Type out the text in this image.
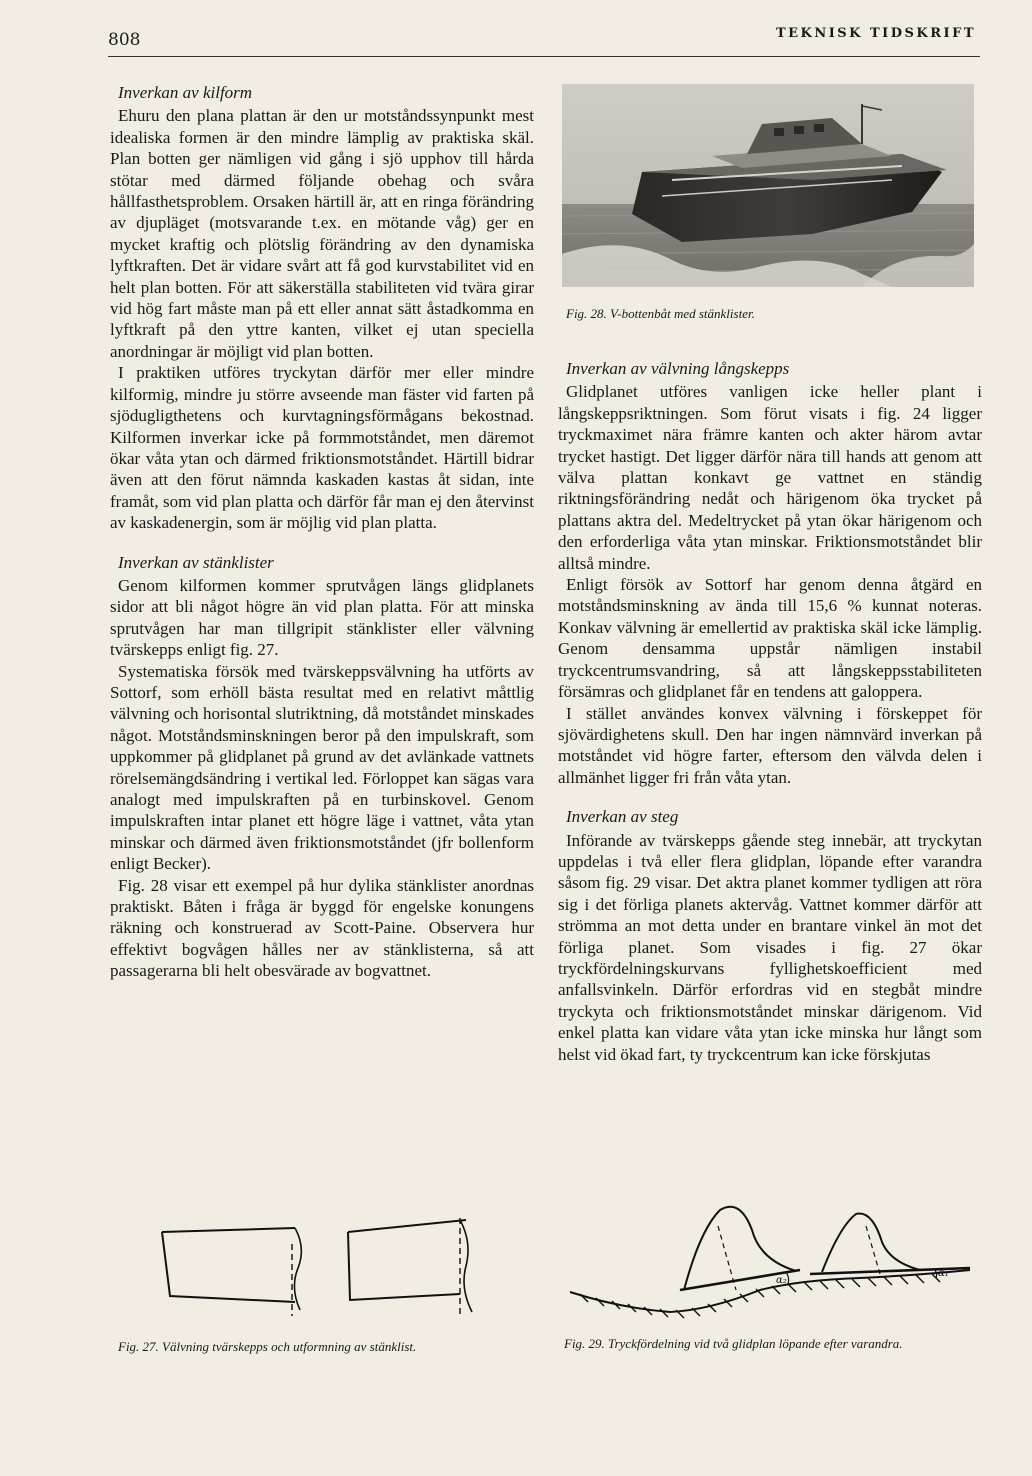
808	TEKNISK TIDSKRIFT
Inverkan av kilform

Ehuru den plana plattan är den ur motståndssynpunkt mest idealiska formen är den mindre lämplig av praktiska skäl. Plan botten ger nämligen vid gång i sjö upphov till hårda stötar med därmed följande obehag och svåra hållfasthetsproblem. Orsaken härtill är, att en ringa förändring av djupläget (motsvarande t.ex. en mötande våg) ger en mycket kraftig och plötslig förändring av den dynamiska lyftkraften. Det är vidare svårt att få god kurvstabilitet vid en helt plan botten. För att säkerställa stabiliteten vid tvära girar vid hög fart måste man på ett eller annat sätt åstadkomma en lyftkraft på den yttre kanten, vilket ej utan speciella anordningar är möjligt vid plan botten.

I praktiken utföres tryckytan därför mer eller mindre kilformig, mindre ju större avseende man fäster vid farten på sjödugligthetens och kurvtagningsförmågans bekostnad. Kilformen inverkar icke på formmotståndet, men däremot ökar våta ytan och därmed friktionsmotståndet. Härtill bidrar även att den förut nämnda kaskaden kastas åt sidan, inte framåt, som vid plan platta och därför får man ej den återvinst av kaskadenergin, som är möjlig vid plan platta.

Inverkan av stänklister

Genom kilformen kommer sprutvågen längs glidplanets sidor att bli något högre än vid plan platta. För att minska sprutvågen har man tillgripit stänklister eller välvning tvärskepps enligt fig. 27.

Systematiska försök med tvärskeppsvälvning ha utförts av Sottorf, som erhöll bästa resultat med en relativt måttlig välvning och horisontal slutriktning, då motståndet minskades något. Motståndsminskningen beror på den impulskraft, som uppkommer på glidplanet på grund av det avlänkade vattnets rörelsemängdsändring i vertikal led. Förloppet kan sägas vara analogt med impulskraften på en turbinskovel. Genom impulskraften intar planet ett högre läge i vattnet, våta ytan minskar och därmed även friktionsmotståndet (jfr bollenform enligt Becker).

Fig. 28 visar ett exempel på hur dylika stänklister anordnas praktiskt. Båten i fråga är byggd för engelske konungens räkning och konstruerad av Scott-Paine. Observera hur effektivt bogvågen hålles ner av stänklisterna, så att passagerarna bli helt obesvärade av bogvattnet.

Fig. 28. V-bottenbåt med stänklister.
Inverkan av välvning långskepps

Glidplanet utföres vanligen icke heller plant i långskeppsriktningen. Som förut visats i fig. 24 ligger tryckmaximet nära främre kanten och akter härom avtar trycket hastigt. Det ligger därför nära till hands att genom att välva plattan konkavt ge vattnet en ständig riktningsförändring nedåt och härigenom öka trycket på plattans aktra del. Medeltrycket på ytan ökar härigenom och den erforderliga våta ytan minskar. Friktionsmotståndet blir alltså mindre.

Enligt försök av Sottorf har genom denna åtgärd en motståndsminskning av ända till 15,6 % kunnat noteras. Konkav välvning är emellertid av praktiska skäl icke lämplig. Genom densamma uppstår nämligen instabil tryckcentrumsvandring, så att långskeppsstabiliteten försämras och glidplanet får en tendens att galoppera.

I stället användes konvex välvning i förskeppet för sjövärdighetens skull. Den har ingen nämnvärd inverkan på motståndet vid högre farter, eftersom den välvda delen i allmänhet ligger fri från våta ytan.

Inverkan av steg

Införande av tvärskepps gående steg innebär, att tryckytan uppdelas i två eller flera glidplan, löpande efter varandra såsom fig. 29 visar. Det aktra planet kommer tydligen att röra sig i det förliga planets aktervåg. Vattnet kommer därför att strömma an mot detta under en brantare vinkel än mot det förliga planet. Som visades i fig. 27 ökar tryckfördelningskurvans fyllighetskoefficient med anfallsvinkeln. Därför erfordras vid en stegbåt mindre tryckyta och friktionsmotståndet minskar därigenom. Vid enkel platta kan vidare våta ytan icke minska hur långt som helst vid ökad fart, ty tryckcentrum kan icke förskjutas

Fig. 27. Välvning tvärskepps och utformning av stänklist.
α₂
α₁
Fig. 29. Tryckfördelning vid två glidplan löpande efter varandra.
